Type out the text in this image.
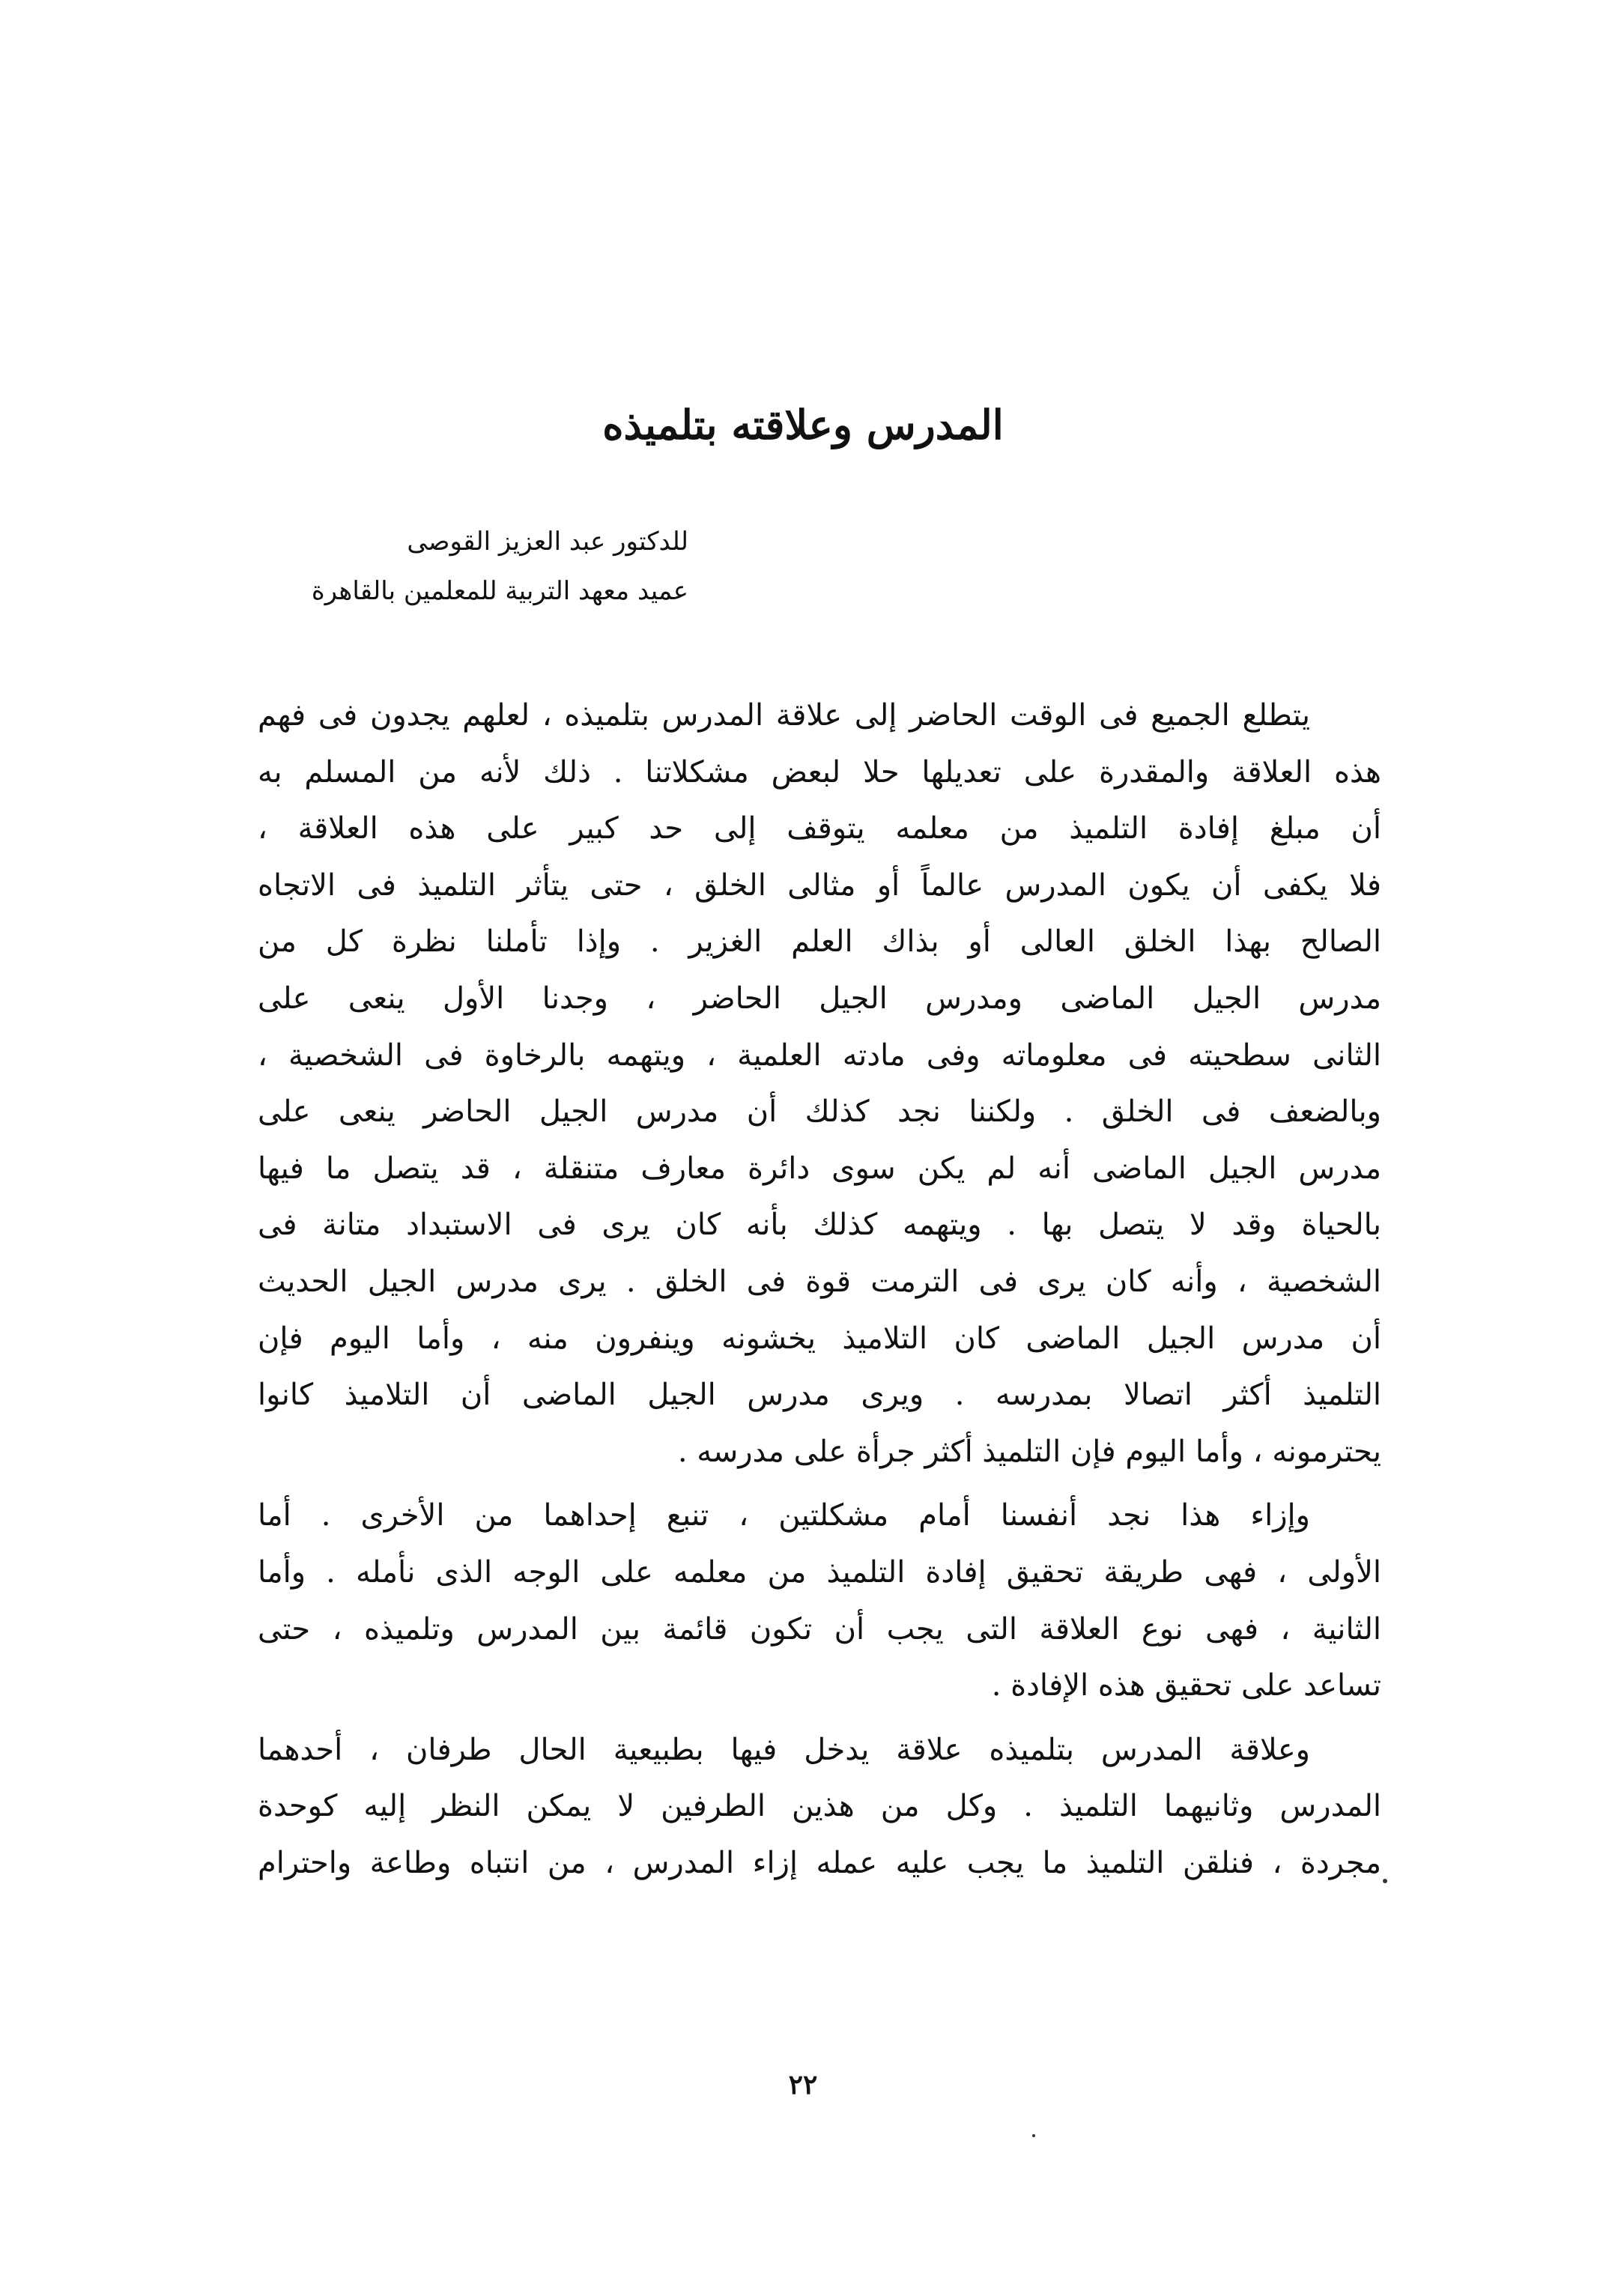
المدرس وعلاقته بتلميذه
للدكتور عبد العزيز القوصى
عميد معهد التربية للمعلمين بالقاهرة
يتطلع الجميع فى الوقت الحاضر إلى علاقة المدرس بتلميذه ، لعلهم يجدون فى فهم
هذه العلاقة والمقدرة على تعديلها حلا لبعض مشكلاتنا . ذلك لأنه من المسلم به
أن مبلغ إفادة التلميذ من معلمه يتوقف إلى حد كبير على هذه العلاقة ،
فلا يكفى أن يكون المدرس عالماً أو مثالى الخلق ، حتى يتأثر التلميذ فى الاتجاه
الصالح بهذا الخلق العالى أو بذاك العلم الغزير . وإذا تأملنا نظرة كل من
مدرس الجيل الماضى ومدرس الجيل الحاضر ، وجدنا الأول ينعى على
الثانى سطحيته فى معلوماته وفى مادته العلمية ، ويتهمه بالرخاوة فى الشخصية ،
وبالضعف فى الخلق . ولكننا نجد كذلك أن مدرس الجيل الحاضر ينعى على
مدرس الجيل الماضى أنه لم يكن سوى دائرة معارف متنقلة ، قد يتصل ما فيها
بالحياة وقد لا يتصل بها . ويتهمه كذلك بأنه كان يرى فى الاستبداد متانة فى
الشخصية ، وأنه كان يرى فى الترمت قوة فى الخلق . يرى مدرس الجيل الحديث
أن مدرس الجيل الماضى كان التلاميذ يخشونه وينفرون منه ، وأما اليوم فإن
التلميذ أكثر اتصالا بمدرسه . ويرى مدرس الجيل الماضى أن التلاميذ كانوا
يحترمونه ، وأما اليوم فإن التلميذ أكثر جرأة على مدرسه .
وإزاء هذا نجد أنفسنا أمام مشكلتين ، تنبع إحداهما من الأخرى . أما
الأولى ، فهى طريقة تحقيق إفادة التلميذ من معلمه على الوجه الذى نأمله . وأما
الثانية ، فهى نوع العلاقة التى يجب أن تكون قائمة بين المدرس وتلميذه ، حتى
تساعد على تحقيق هذه الإفادة .
وعلاقة المدرس بتلميذه علاقة يدخل فيها بطبيعية الحال طرفان ، أحدهما
المدرس وثانيهما التلميذ . وكل من هذين الطرفين لا يمكن النظر إليه كوحدة
مجردة ، فنلقن التلميذ ما يجب عليه عمله إزاء المدرس ، من انتباه وطاعة واحترام
٢٢
